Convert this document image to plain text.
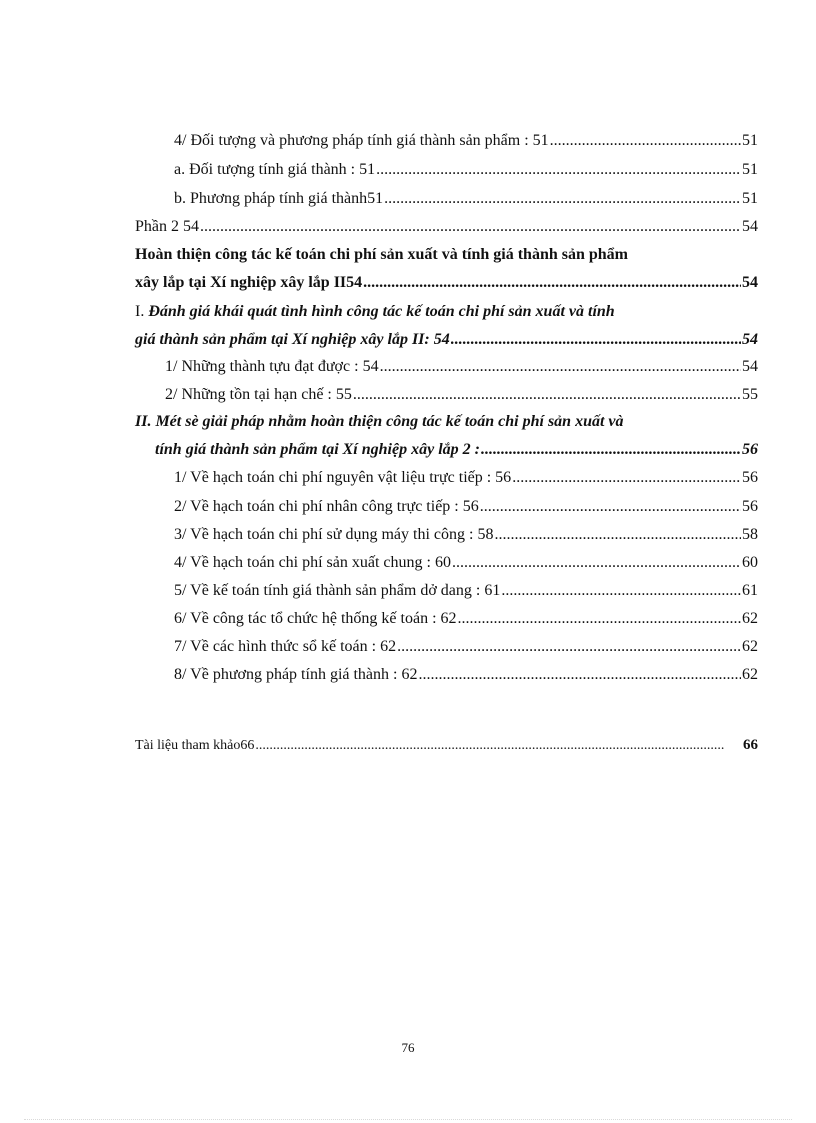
4/ Đối tượng và phương pháp tính giá thành sản phẩm : 51 .....	51
a. Đối tượng tính giá thành : 51 .....	51
b. Phương pháp tính giá thành51 .....	51
Phần 2 54 .....	54
Hoàn thiện công tác kế toán chi phí sản xuất và tính giá thành sản phẩm
xây lắp tại Xí nghiệp xây lắp II54 .....	54
I. Đánh giá khái quát tình hình công tác kế toán chi phí sản xuất và tính
giá thành sản phẩm tại Xí nghiệp xây lắp II: 54 .....	54
1/ Những thành tựu đạt được : 54 .....	54
2/ Những tồn tại hạn chế : 55 .....	55
II. Mét sè giải pháp nhằm hoàn thiện công tác kế toán chi phí sản xuất và
tính giá thành sản phẩm tại Xí nghiệp xây lắp 2 : .....	56
1/ Về hạch toán chi phí nguyên vật liệu trực tiếp : 56 .....	56
2/ Về hạch toán chi phí nhân công trực tiếp : 56 .....	56
3/ Về hạch toán chi phí sử dụng máy thi công : 58 .....	58
4/ Về hạch toán chi phí sản xuất chung : 60 .....	60
5/ Về kế toán tính giá thành sản phẩm dở dang : 61 .....	61
6/ Về công tác tổ chức hệ thống kế toán : 62 .....	62
7/ Về các hình thức sổ kế toán : 62 .....	62
8/ Về phương pháp tính giá thành : 62 .....	62
Tài liệu tham khảo66 .....	66
76
